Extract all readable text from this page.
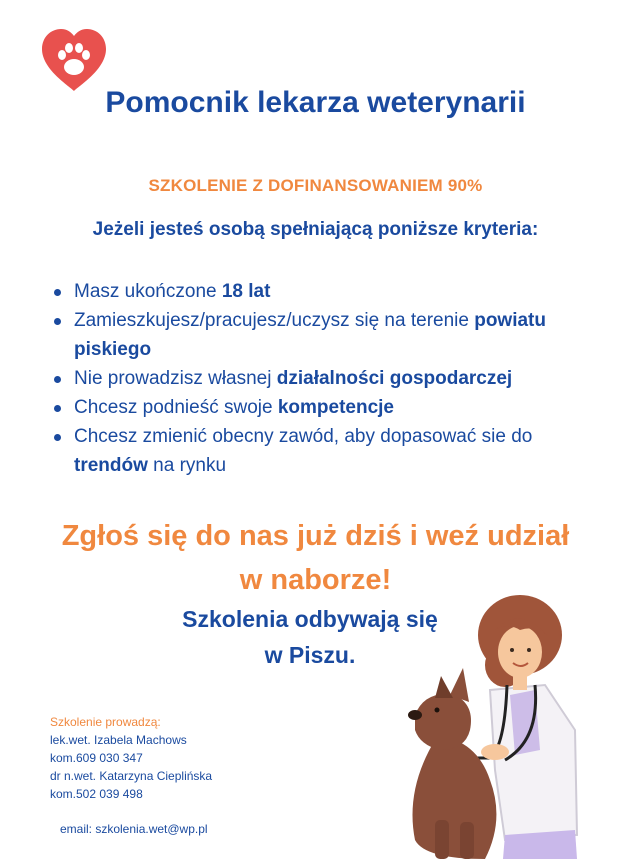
Pomocnik lekarza weterynarii
SZKOLENIE Z DOFINANSOWANIEM 90%
Jeżeli jesteś osobą spełniającą poniższe kryteria:
Masz ukończone 18 lat
Zamieszkujesz/pracujesz/uczysz się na terenie powiatu piskiego
Nie prowadzisz własnej działalności gospodarczej
Chcesz podnieść swoje kompetencje
Chcesz zmienić obecny zawód, aby dopasować sie do trendów na rynku
Zgłoś się do nas już dziś i weź udział
w naborze!
Szkolenia odbywają się
w Piszu.
Szkolenie prowadzą:
lek.wet. Izabela Machows
kom.609 030 347
dr n.wet. Katarzyna Cieplińska
kom.502 039 498
email: szkolenia.wet@wp.pl
